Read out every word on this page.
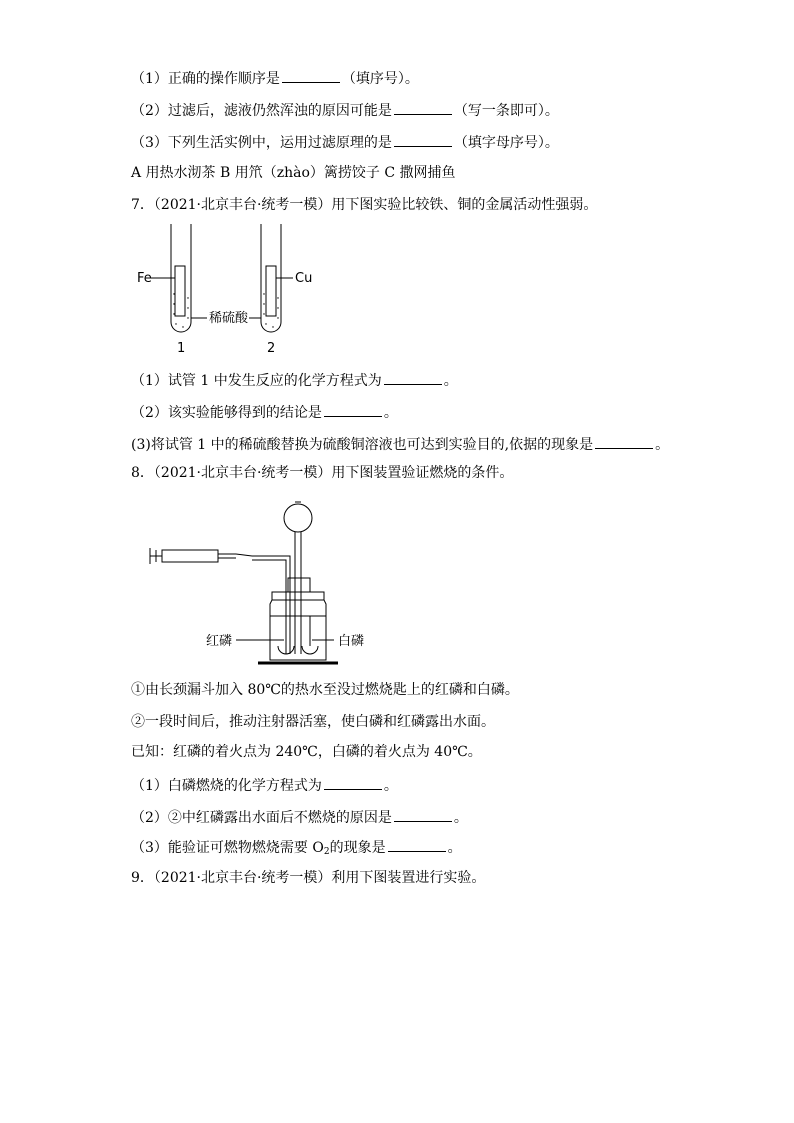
（1）正确的操作顺序是	（填序号）。
（2）过滤后，滤液仍然浑浊的原因可能是	（写一条即可）。
（3）下列生活实例中，运用过滤原理的是	（填字母序号）。
A 用热水沏茶 B 用笊（zhào）篱捞饺子 C 撒网捕鱼
7．（2021·北京丰台·统考一模）用下图实验比较铁、铜的金属活动性强弱。
Fe	Cu
稀硫酸
1	2
（1）试管 1 中发生反应的化学方程式为	。
（2）该实验能够得到的结论是	。
(3)将试管 1 中的稀硫酸替换为硫酸铜溶液也可达到实验目的,依据的现象是	。
8．（2021·北京丰台·统考一模）用下图装置验证燃烧的条件。
红磷	白磷
①由长颈漏斗加入 80℃的热水至没过燃烧匙上的红磷和白磷。
②一段时间后，推动注射器活塞，使白磷和红磷露出水面。
已知：红磷的着火点为 240℃，白磷的着火点为 40℃。
（1）白磷燃烧的化学方程式为	。
（2）②中红磷露出水面后不燃烧的原因是	。
（3）能验证可燃物燃烧需要 $O_2$的现象是	。
9．（2021·北京丰台·统考一模）利用下图装置进行实验。
